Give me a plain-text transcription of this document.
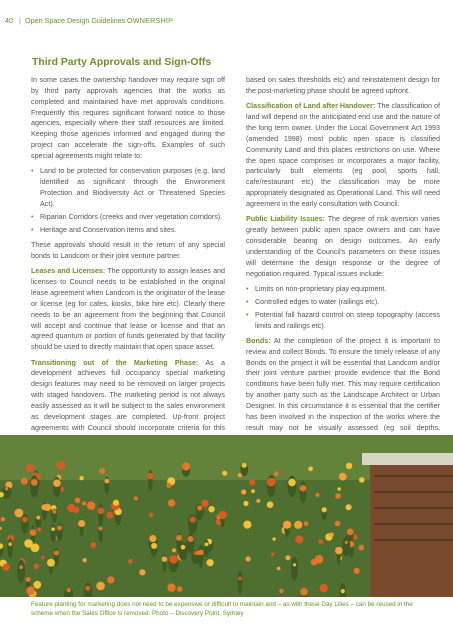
40 | Open Space Design Guidelines OWNERSHIP
Third Party Approvals and Sign-Offs

In some cases the ownership handover may require sign off by third party approvals agencies that the works as completed and maintained have met approvals conditions. Frequently this requires significant forward notice to those agencies, especially where their staff resources are limited. Keeping those agencies informed and engaged during the project can accelerate the sign-offs. Examples of such special agreements might relate to:

• Land to be protected for conservation purposes (e.g. land identified as significant through the Environment Protection and Biodiversity Act or Threatened Species Act).
• Riparian Corridors (creeks and river vegetation corridors).
• Heritage and Conservation items and sites.

These approvals should result in the return of any special bonds to Landcom or their joint venture partner.

Leases and Licenses: The opportunity to assign leases and licenses to Council needs to be established in the original lease agreement when Landcom is the originator of the lease or license (eg for cafes, kiosks, bike hire etc). Clearly there needs to be an agreement from the beginning that Council will accept and continue that lease or license and that an agreed quantum or portion of funds generated by that facility should be used to directly maintain that open space asset.

Transitioning out of the Marketing Phase: As a development achieves full occupancy special marketing design features may need to be removed on larger projects with staged handovers. The marketing period is not always easily assessed as it will be subject to the sales environment as development stages are completed. Up-front project agreements with Council should incorporate criteria for this

based on sales thresholds etc) and reinstatement design for the post-marketing phase should be agreed upfront.

Classification of Land after Handover: The classification of land will depend on the anticipated end use and the nature of the long term owner. Under the Local Government Act 1993 (amended 1998) most public open space is classified Community Land and this places restrictions on use. Where the open space comprises or incorporates a major facility, particularly built elements (eg pool, sports hall, cafe/restaurant etc) the classification may be more appropriately designated as Operational Land. This will need agreement in the early consultation with Council.

Public Liability Issues: The degree of risk aversion varies greatly between public open space owners and can have considerable bearing on design outcomes. An early understanding of the Council's parameters on these issues will determine the design response or the degree of negotiation required. Typical issues include:

• Limits on non-proprietary play equipment.
• Controlled edges to water (railings etc).
• Potential fall hazard control on steep topography (access limits and railings etc).

Bonds: At the completion of the project it is important to review and collect Bonds. To ensure the timely release of any Bonds on the project it will be essential that Landcom and/or their joint venture partner provide evidence that the Bond conditions have been fully met. This may require certification by another party such as the Landscape Architect or Urban Designer. In this circumstance it is essential that the certifier has been involved in the inspection of the works where the result may not be visually assessed (eg soil depths,

Feature planting for marketing does not need to be expensive or difficult to maintain and – as with these Day Lilies – can be reused in the scheme when the Sales Office is removed. Photo – Discovery Point, Sydney
